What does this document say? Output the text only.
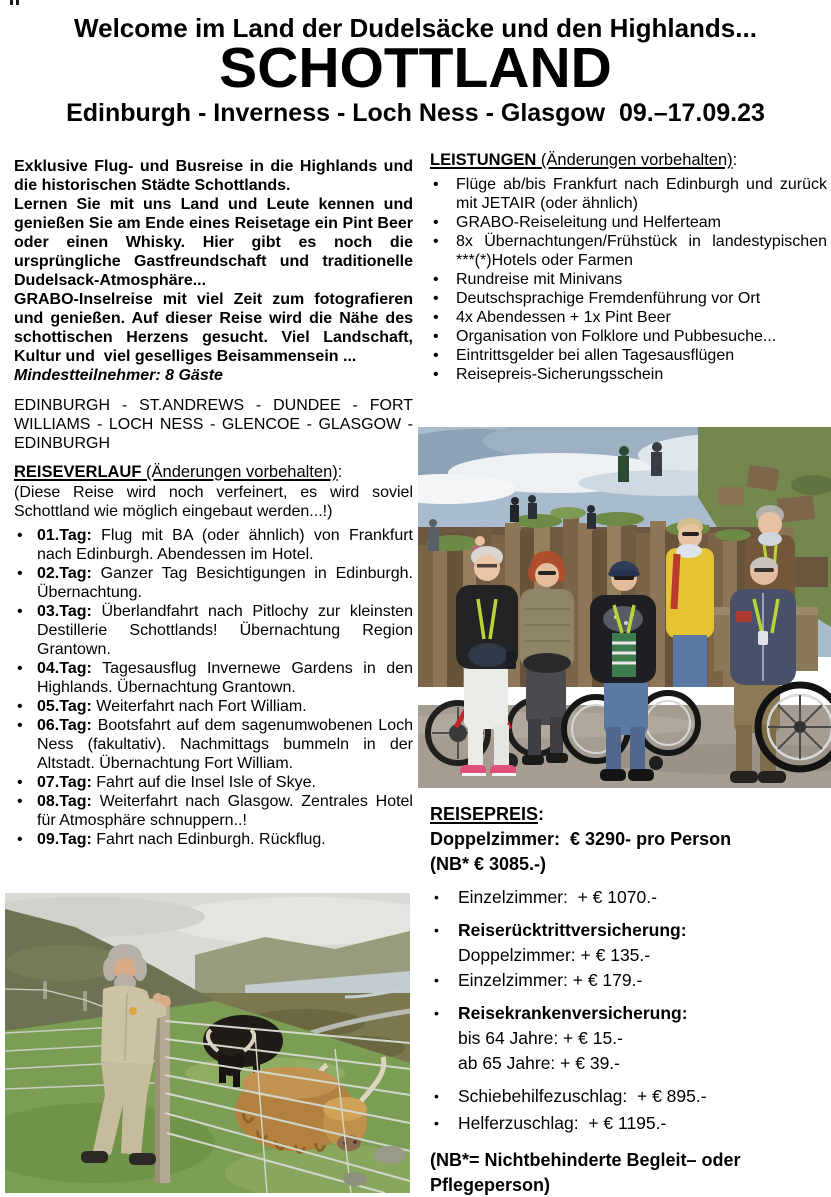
Welcome im Land der Dudelsäcke und den Highlands...
SCHOTTLAND
Edinburgh - Inverness - Loch Ness - Glasgow  09.–17.09.23

Exklusive Flug- und Busreise in die Highlands und die historischen Städte Schottlands.

Lernen Sie mit uns Land und Leute kennen und genießen Sie am Ende eines Reisetage ein Pint Beer oder einen Whisky. Hier gibt es noch die ursprüngliche Gastfreundschaft und traditionelle Dudelsack-Atmosphäre...

GRABO-Inselreise mit viel Zeit zum fotografieren und genießen. Auf dieser Reise wird die Nähe des schottischen Herzens gesucht. Viel Landschaft, Kultur und  viel geselliges Beisammensein ...

Mindestteilnehmer: 8 Gäste

EDINBURGH - ST.ANDREWS - DUNDEE - FORT WILLIAMS - LOCH NESS - GLENCOE - GLASGOW - EDINBURGH

REISEVERLAUF (Änderungen vorbehalten):

(Diese Reise wird noch verfeinert, es wird soviel Schottland wie möglich eingebaut werden...!)

• 01.Tag: Flug mit BA (oder ähnlich) von Frankfurt nach Edinburgh. Abendessen im Hotel.
• 02.Tag: Ganzer Tag Besichtigungen in Edinburgh. Übernachtung.
• 03.Tag: Überlandfahrt nach Pitlochy zur kleinsten Destillerie Schottlands! Übernachtung Region Grantown.
• 04.Tag: Tagesausflug Invernewe Gardens in den Highlands. Übernachtung Grantown.
• 05.Tag: Weiterfahrt nach Fort William.
• 06.Tag: Bootsfahrt auf dem sagenumwobenen Loch Ness (fakultativ). Nachmittags bummeln in der Altstadt. Übernachtung Fort William.
• 07.Tag: Fahrt auf die Insel Isle of Skye.
• 08.Tag: Weiterfahrt nach Glasgow. Zentrales Hotel für Atmosphäre schnuppern..!
• 09.Tag: Fahrt nach Edinburgh. Rückflug.

LEISTUNGEN (Änderungen vorbehalten):

•	Flüge ab/bis Frankfurt nach Edinburgh und zurück mit JETAIR (oder ähnlich)
•	GRABO-Reiseleitung und Helferteam
•	8x Übernachtungen/Frühstück in landestypischen ***(*)Hotels oder Farmen
•	Rundreise mit Minivans
•	Deutschsprachige Fremdenführung vor Ort
•	4x Abendessen + 1x Pint Beer
•	Organisation von Folklore und Pubbesuche...
•	Eintrittsgelder bei allen Tagesausflügen
•	Reisepreis-Sicherungsschein

REISEPREIS:

Doppelzimmer:  € 3290- pro Person

(NB* € 3085.-)

•	Einzelzimmer:  + € 1070.-
•	Reiserücktrittversicherung:
Doppelzimmer: + € 135.-
•	Einzelzimmer: + € 179.-
•	Reisekrankenversicherung:
bis 64 Jahre: + € 15.-
ab 65 Jahre: + € 39.-
•	Schiebehilfezuschlag:  + € 895.-
•	Helferzuschlag:  + € 1195.-

(NB*= Nichtbehinderte Begleit– oder Pflegeperson)
